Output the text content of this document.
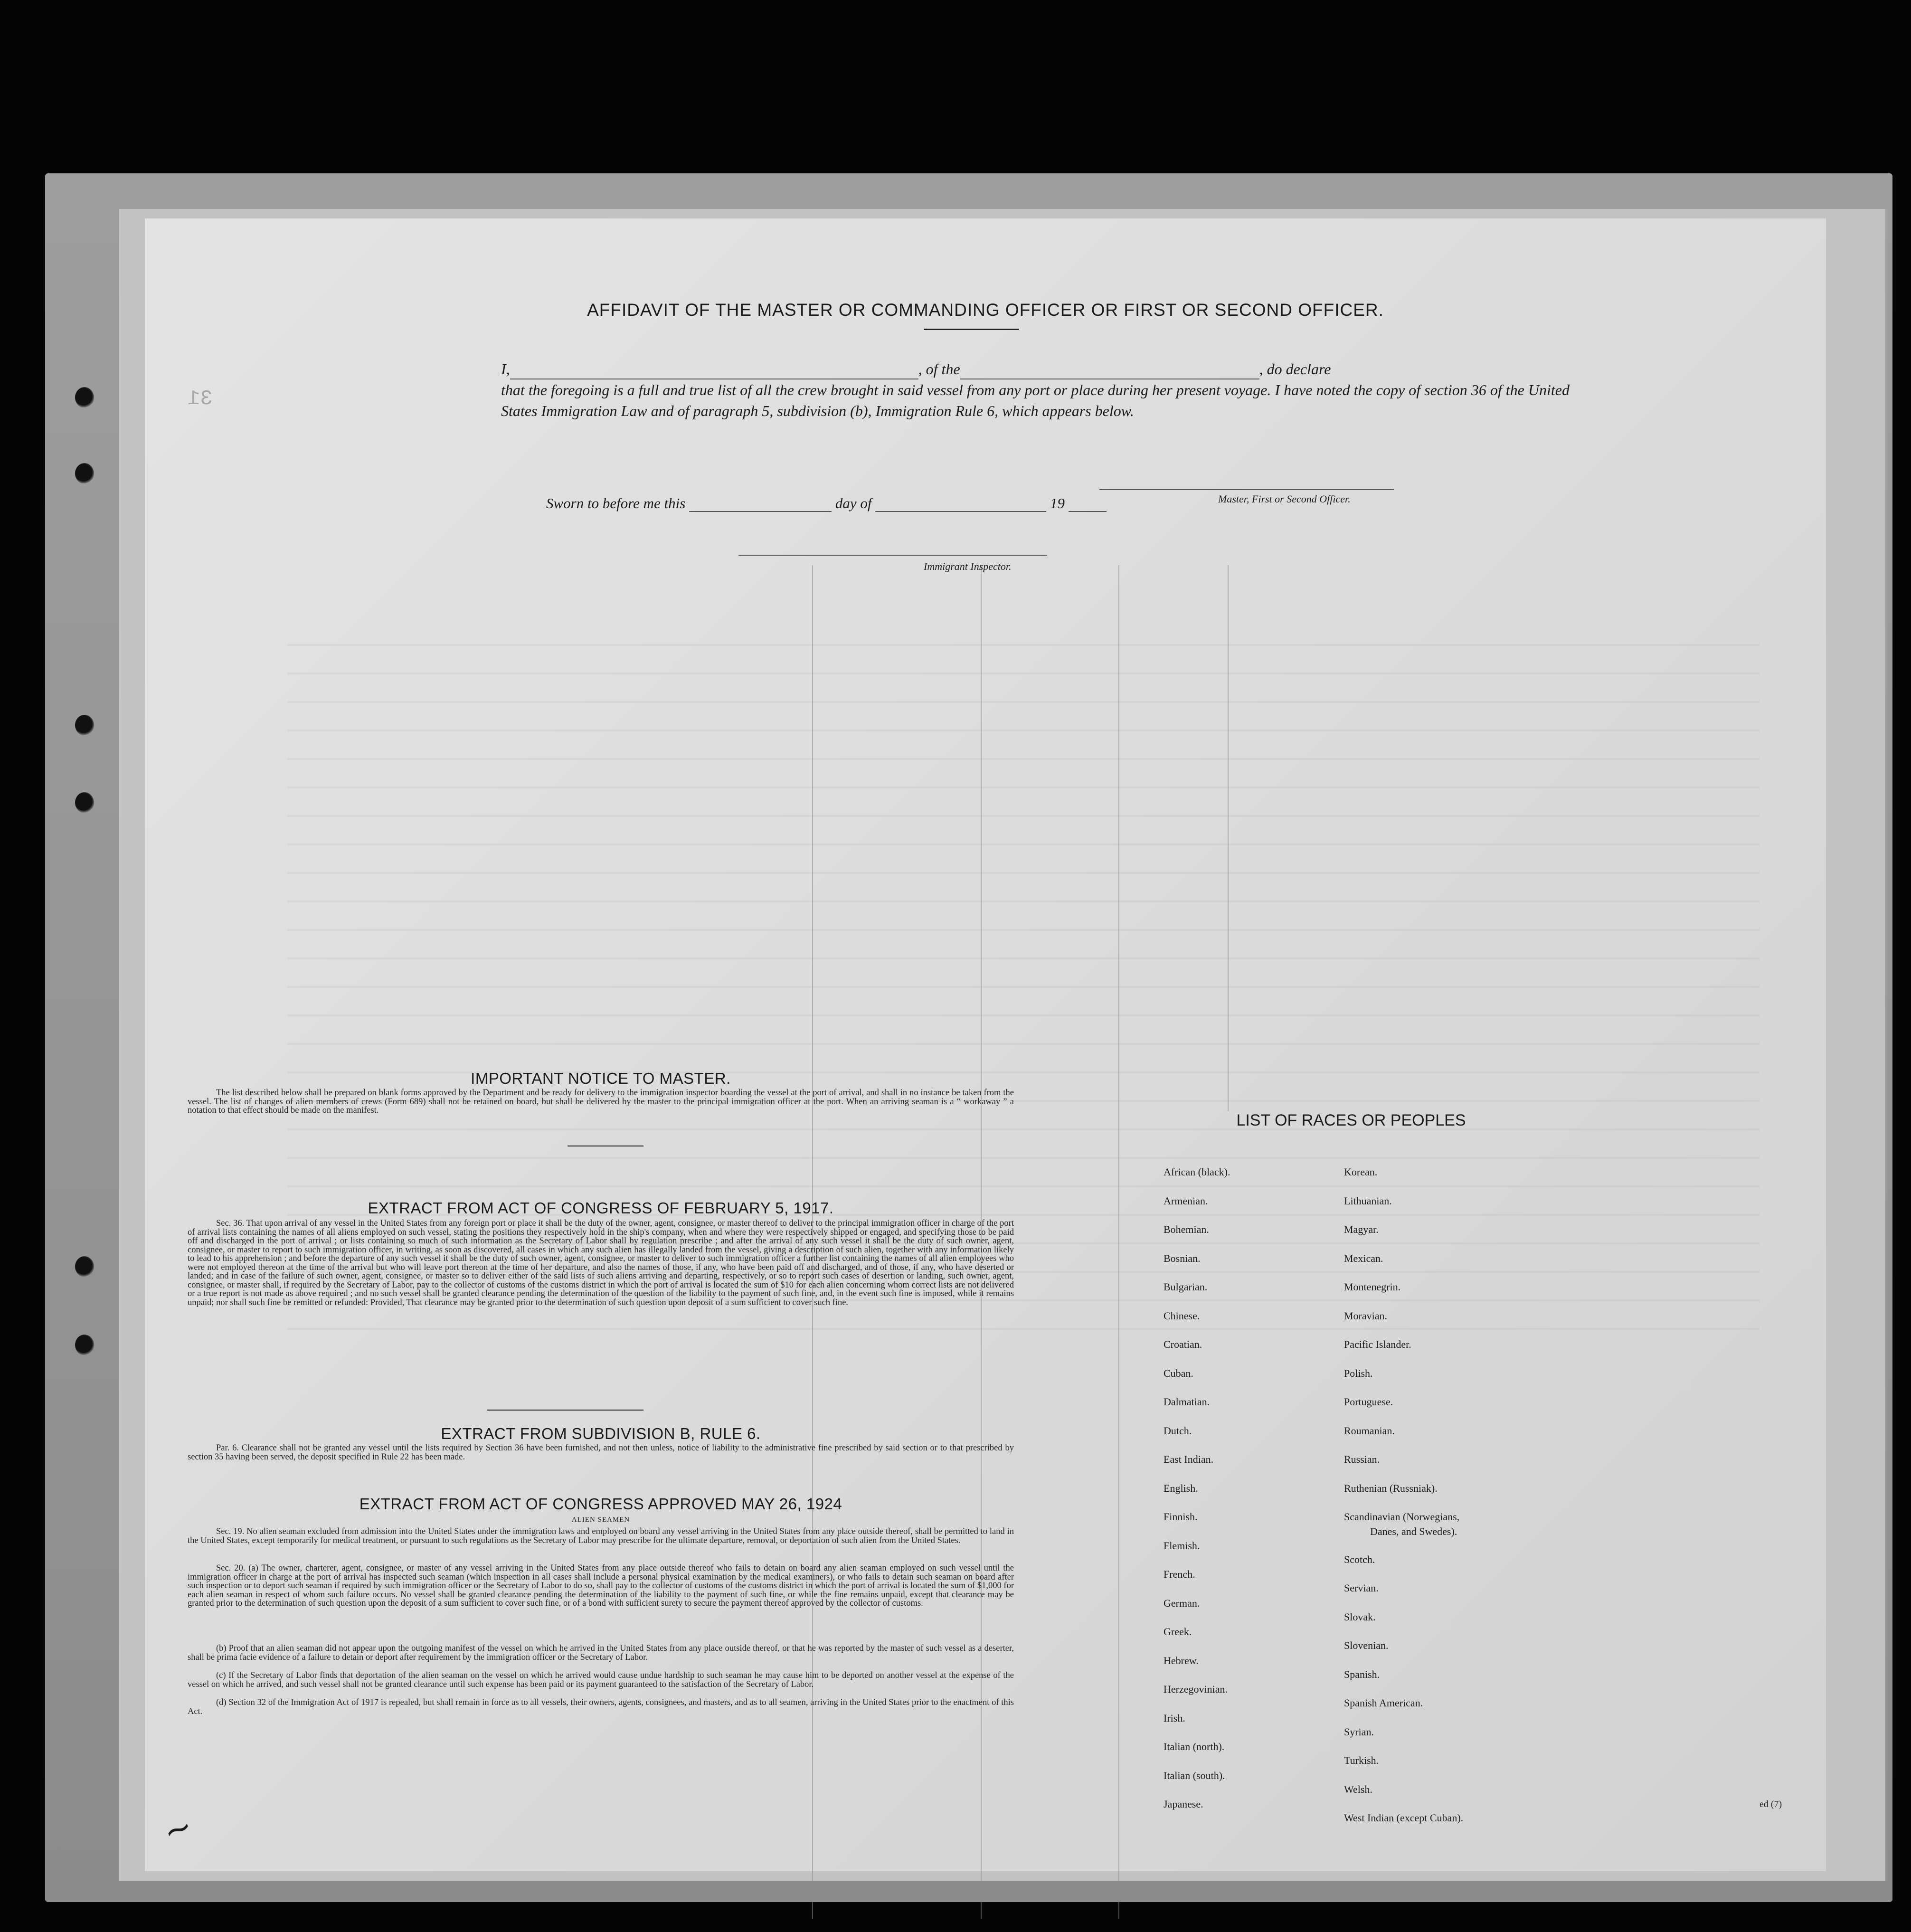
AFFIDAVIT OF THE MASTER OR COMMANDING OFFICER OR FIRST OR SECOND OFFICER.
I,	, of the	, do declare
that the foregoing is a full and true list of all the crew brought in said vessel from any port or place during her present voyage. I have noted the copy of section 36 of the United States Immigration Law and of paragraph 5, subdivision (b), Immigration Rule 6, which appears below.
Master, First or Second Officer.
Sworn to before me this	day of	19
Immigrant Inspector.
IMPORTANT NOTICE TO MASTER.
The list described below shall be prepared on blank forms approved by the Department and be ready for delivery to the immigration inspector boarding the vessel at the port of arrival, and shall in no instance be taken from the vessel. The list of changes of alien members of crews (Form 689) shall not be retained on board, but shall be delivered by the master to the principal immigration officer at the port. When an arriving seaman is a “ workaway ” a notation to that effect should be made on the manifest.
EXTRACT FROM ACT OF CONGRESS OF FEBRUARY 5, 1917.
Sec. 36. That upon arrival of any vessel in the United States from any foreign port or place it shall be the duty of the owner, agent, consignee, or master thereof to deliver to the principal immigration officer in charge of the port of arrival lists containing the names of all aliens employed on such vessel, stating the positions they respectively hold in the ship's company, when and where they were respectively shipped or engaged, and specifying those to be paid off and discharged in the port of arrival ; or lists containing so much of such information as the Secretary of Labor shall by regulation prescribe ; and after the arrival of any such vessel it shall be the duty of such owner, agent, consignee, or master to report to such immigration officer, in writing, as soon as discovered, all cases in which any such alien has illegally landed from the vessel, giving a description of such alien, together with any information likely to lead to his apprehension ; and before the departure of any such vessel it shall be the duty of such owner, agent, consignee, or master to deliver to such immigration officer a further list containing the names of all alien employees who were not employed thereon at the time of the arrival but who will leave port thereon at the time of her departure, and also the names of those, if any, who have been paid off and discharged, and of those, if any, who have deserted or landed; and in case of the failure of such owner, agent, consignee, or master so to deliver either of the said lists of such aliens arriving and departing, respectively, or so to report such cases of desertion or landing, such owner, agent, consignee, or master shall, if required by the Secretary of Labor, pay to the collector of customs of the customs district in which the port of arrival is located the sum of $10 for each alien concerning whom correct lists are not delivered or a true report is not made as above required ; and no such vessel shall be granted clearance pending the determination of the question of the liability to the payment of such fine, and, in the event such fine is imposed, while it remains unpaid; nor shall such fine be remitted or refunded: Provided, That clearance may be granted prior to the determination of such question upon deposit of a sum sufficient to cover such fine.
EXTRACT FROM SUBDIVISION B, RULE 6.
Par. 6. Clearance shall not be granted any vessel until the lists required by Section 36 have been furnished, and not then unless, notice of liability to the administrative fine prescribed by said section or to that prescribed by section 35 having been served, the deposit specified in Rule 22 has been made.
EXTRACT FROM ACT OF CONGRESS APPROVED MAY 26, 1924
ALIEN SEAMEN
Sec. 19. No alien seaman excluded from admission into the United States under the immigration laws and employed on board any vessel arriving in the United States from any place outside thereof, shall be permitted to land in the United States, except temporarily for medical treatment, or pursuant to such regulations as the Secretary of Labor may prescribe for the ultimate departure, removal, or deportation of such alien from the United States.
Sec. 20. (a) The owner, charterer, agent, consignee, or master of any vessel arriving in the United States from any place outside thereof who fails to detain on board any alien seaman employed on such vessel until the immigration officer in charge at the port of arrival has inspected such seaman (which inspection in all cases shall include a personal physical examination by the medical examiners), or who fails to detain such seaman on board after such inspection or to deport such seaman if required by such immigration officer or the Secretary of Labor to do so, shall pay to the collector of customs of the customs district in which the port of arrival is located the sum of $1,000 for each alien seaman in respect of whom such failure occurs. No vessel shall be granted clearance pending the determination of the liability to the payment of such fine, or while the fine remains unpaid, except that clearance may be granted prior to the determination of such question upon the deposit of a sum sufficient to cover such fine, or of a bond with sufficient surety to secure the payment thereof approved by the collector of customs.
(b) Proof that an alien seaman did not appear upon the outgoing manifest of the vessel on which he arrived in the United States from any place outside thereof, or that he was reported by the master of such vessel as a deserter, shall be prima facie evidence of a failure to detain or deport after requirement by the immigration officer or the Secretary of Labor.
(c) If the Secretary of Labor finds that deportation of the alien seaman on the vessel on which he arrived would cause undue hardship to such seaman he may cause him to be deported on another vessel at the expense of the vessel on which he arrived, and such vessel shall not be granted clearance until such expense has been paid or its payment guaranteed to the satisfaction of the Secretary of Labor.
(d) Section 32 of the Immigration Act of 1917 is repealed, but shall remain in force as to all vessels, their owners, agents, consignees, and masters, and as to all seamen, arriving in the United States prior to the enactment of this Act.
LIST OF RACES OR PEOPLES
African (black).
Armenian.
Bohemian.
Bosnian.
Bulgarian.
Chinese.
Croatian.
Cuban.
Dalmatian.
Dutch.
East Indian.
English.
Finnish.
Flemish.
French.
German.
Greek.
Hebrew.
Herzegovinian.
Irish.
Italian (north).
Italian (south).
Japanese.
Korean.
Lithuanian.
Magyar.
Mexican.
Montenegrin.
Moravian.
Pacific Islander.
Polish.
Portuguese.
Roumanian.
Russian.
Ruthenian (Russniak).
Scandinavian (Norwegians,
Danes, and Swedes).
Scotch.
Servian.
Slovak.
Slovenian.
Spanish.
Spanish American.
Syrian.
Turkish.
Welsh.
West Indian (except Cuban).
ed (7)
~
31
